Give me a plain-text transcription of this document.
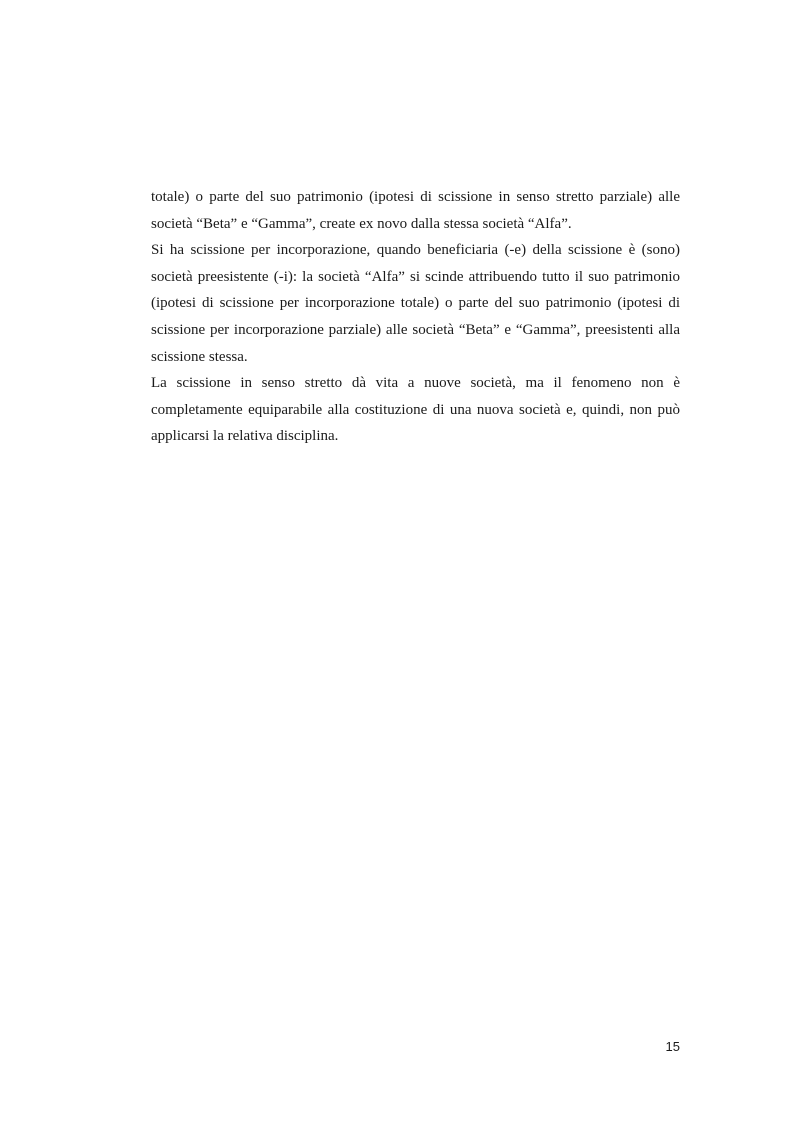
totale) o parte del suo patrimonio (ipotesi di scissione in senso stretto parziale) alle società “Beta” e “Gamma”, create ex novo dalla stessa società “Alfa”.

Si ha scissione per incorporazione, quando beneficiaria (-e) della scissione è (sono) società preesistente (-i): la società “Alfa” si scinde attribuendo tutto il suo patrimonio (ipotesi di scissione per incorporazione totale) o parte del suo patrimonio (ipotesi di scissione per incorporazione parziale) alle società “Beta” e “Gamma”, preesistenti alla scissione stessa.

La scissione in senso stretto dà vita a nuove società, ma il fenomeno non è completamente equiparabile alla costituzione di una nuova società e, quindi, non può applicarsi la relativa disciplina.

15
